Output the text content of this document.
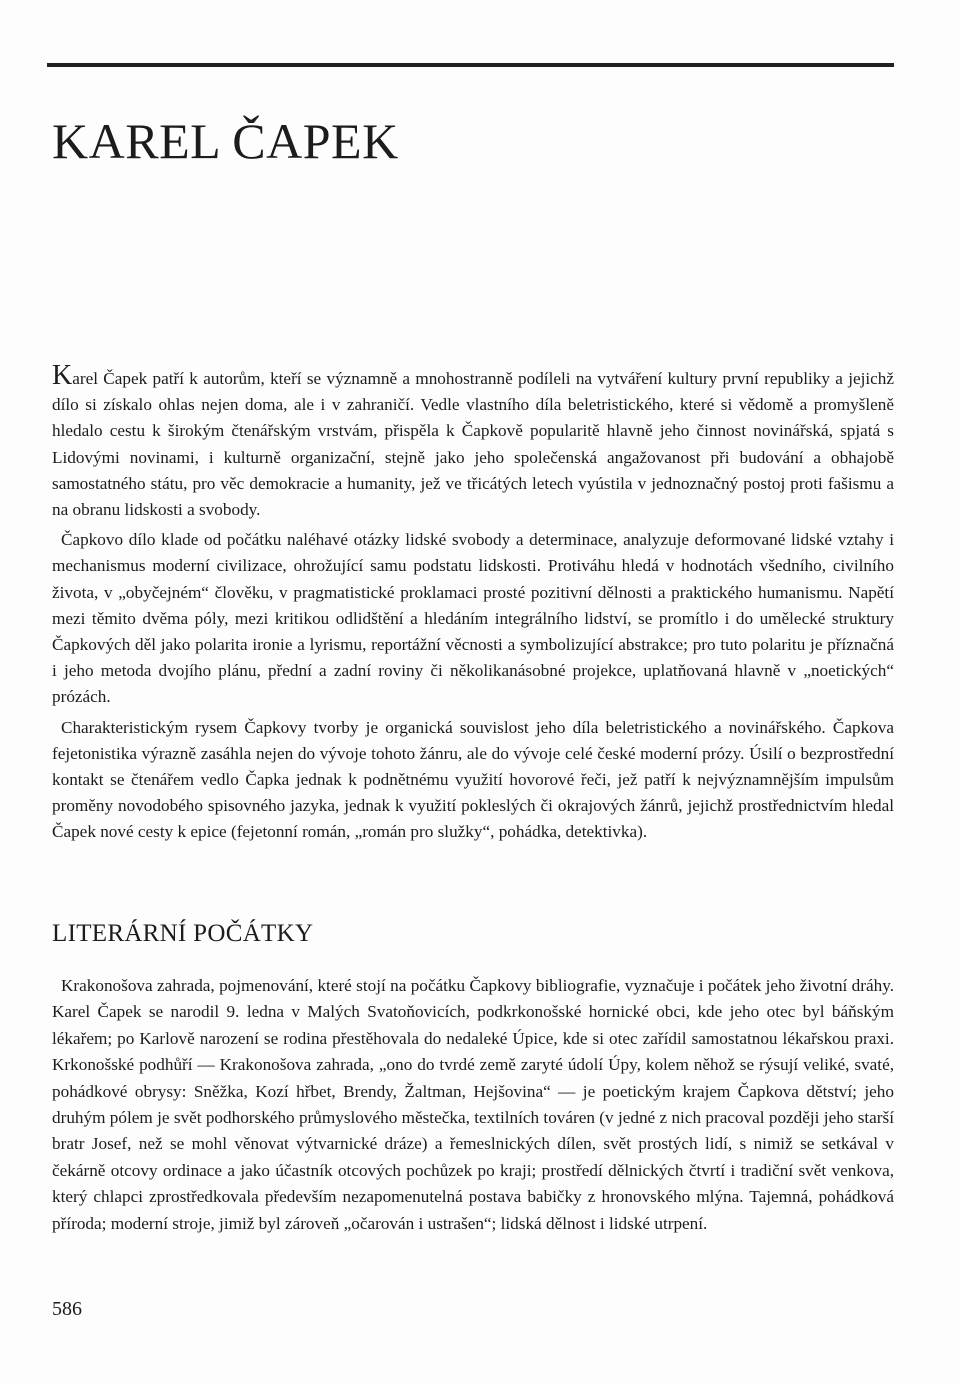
KAREL ČAPEK

Karel Čapek patří k autorům, kteří se významně a mnohostranně podíleli na vytváření kultury první republiky a jejichž dílo si získalo ohlas nejen doma, ale i v zahraničí. Vedle vlastního díla beletristického, které si vědomě a promyšleně hledalo cestu k širokým čtenářským vrstvám, přispěla k Čapkově popularitě hlavně jeho činnost novinářská, spjatá s Lidovými novinami, i kulturně organizační, stejně jako jeho společenská angažovanost při budování a obhajobě samostatného státu, pro věc demokracie a humanity, jež ve třicátých letech vyústila v jednoznačný postoj proti fašismu a na obranu lidskosti a svobody.

Čapkovo dílo klade od počátku naléhavé otázky lidské svobody a determinace, analyzuje deformované lidské vztahy i mechanismus moderní civilizace, ohrožující samu podstatu lidskosti. Protiváhu hledá v hodnotách všedního, civilního života, v „obyčejném“ člověku, v pragmatistické proklamaci prosté pozitivní dělnosti a praktického humanismu. Napětí mezi těmito dvěma póly, mezi kritikou odlidštění a hledáním integrálního lidství, se promítlo i do umělecké struktury Čapkových děl jako polarita ironie a lyrismu, reportážní věcnosti a symbolizující abstrakce; pro tuto polaritu je příznačná i jeho metoda dvojího plánu, přední a zadní roviny či několikanásobné projekce, uplatňovaná hlavně v „noetických“ prózách.

Charakteristickým rysem Čapkovy tvorby je organická souvislost jeho díla beletristického a novinářského. Čapkova fejetonistika výrazně zasáhla nejen do vývoje tohoto žánru, ale do vývoje celé české moderní prózy. Úsilí o bezprostřední kontakt se čtenářem vedlo Čapka jednak k podnětnému využití hovorové řeči, jež patří k nejvýznamnějším impulsům proměny novodobého spisovného jazyka, jednak k využití pokleslých či okrajových žánrů, jejichž prostřednictvím hledal Čapek nové cesty k epice (fejetonní román, „román pro služky“, pohádka, detektivka).

LITERÁRNÍ POČÁTKY

Krakonošova zahrada, pojmenování, které stojí na počátku Čapkovy bibliografie, vyznačuje i počátek jeho životní dráhy. Karel Čapek se narodil 9. ledna v Malých Svatoňovicích, podkrkonošské hornické obci, kde jeho otec byl báňským lékařem; po Karlově narození se rodina přestěhovala do nedaleké Úpice, kde si otec zařídil samostatnou lékařskou praxi. Krkonošské podhůří — Krakonošova zahrada, „ono do tvrdé země zaryté údolí Úpy, kolem něhož se rýsují veliké, svaté, pohádkové obrysy: Sněžka, Kozí hřbet, Brendy, Žaltman, Hejšovina“ — je poetickým krajem Čapkova dětství; jeho druhým pólem je svět podhorského průmyslového městečka, textilních továren (v jedné z nich pracoval později jeho starší bratr Josef, než se mohl věnovat výtvarnické dráze) a řemeslnických dílen, svět prostých lidí, s nimiž se setkával v čekárně otcovy ordinace a jako účastník otcových pochůzek po kraji; prostředí dělnických čtvrtí i tradiční svět venkova, který chlapci zprostředkovala především nezapomenutelná postava babičky z hronovského mlýna. Tajemná, pohádková příroda; moderní stroje, jimiž byl zároveň „očarován i ustrašen“; lidská dělnost i lidské utrpení.

586
